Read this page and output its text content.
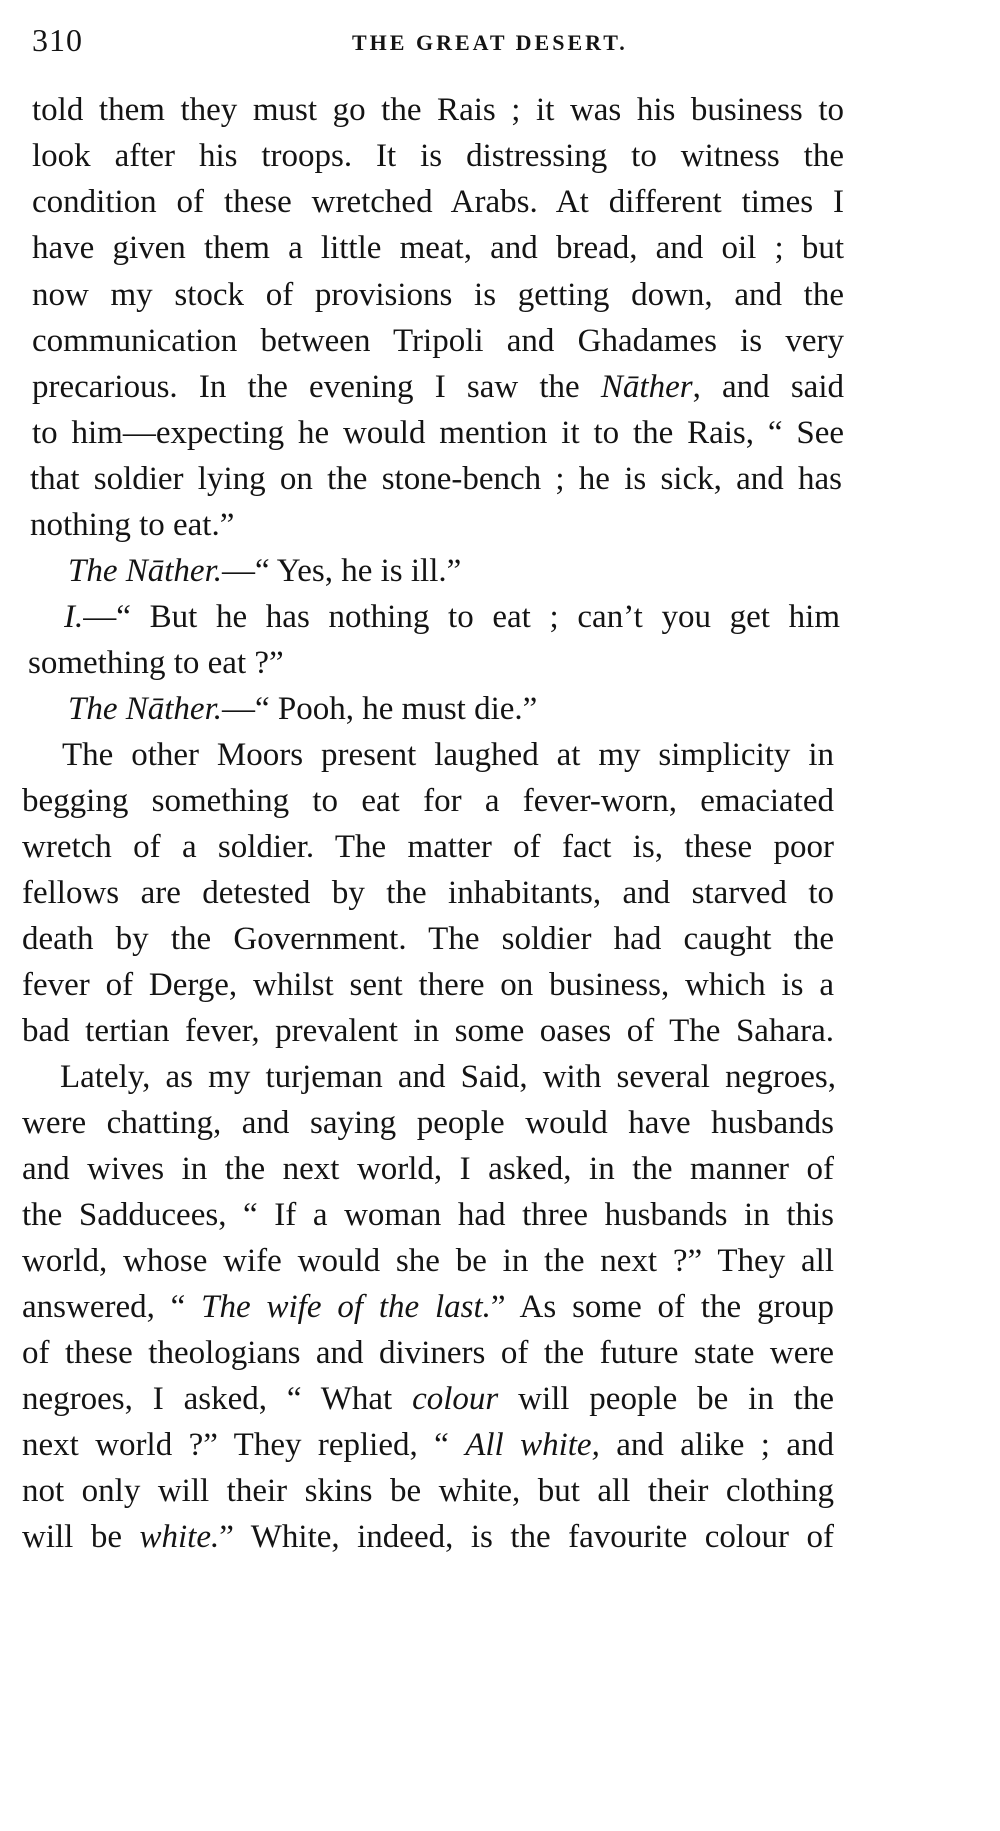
310	THE GREAT DESERT.
told them they must go the Rais ; it was his business to
look after his troops. It is distressing to witness the
condition of these wretched Arabs. At different times I
have given them a little meat, and bread, and oil ; but
now my stock of provisions is getting down, and the
communication between Tripoli and Ghadames is very
precarious. In the evening I saw the Nāther, and said
to him—expecting he would mention it to the Rais, “ See
that soldier lying on the stone-bench ; he is sick, and has
nothing to eat.”
The Nāther.—“ Yes, he is ill.”
I.—“ But he has nothing to eat ; can’t you get him
something to eat ?”
The Nāther.—“ Pooh, he must die.”
The other Moors present laughed at my simplicity in
begging something to eat for a fever-worn, emaciated
wretch of a soldier. The matter of fact is, these poor
fellows are detested by the inhabitants, and starved to
death by the Government. The soldier had caught the
fever of Derge, whilst sent there on business, which is a
bad tertian fever, prevalent in some oases of The Sahara.
Lately, as my turjeman and Said, with several negroes,
were chatting, and saying people would have husbands
and wives in the next world, I asked, in the manner of
the Sadducees, “ If a woman had three husbands in this
world, whose wife would she be in the next ?” They all
answered, “ The wife of the last.” As some of the group
of these theologians and diviners of the future state were
negroes, I asked, “ What colour will people be in the
next world ?” They replied, “ All white, and alike ; and
not only will their skins be white, but all their clothing
will be white.” White, indeed, is the favourite colour of
